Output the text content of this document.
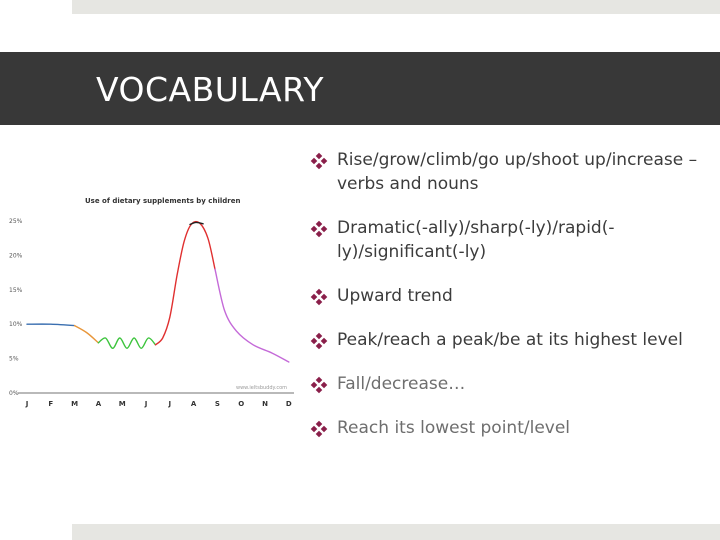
VOCABULARY
Use of dietary supplements by children
www.ieltsbuddy.com
0%
5%
10%
15%
20%
25%
J	F	M	A	M	J	J	A	S	O	N	D
Rise/grow/climb/go up/shoot up/increase – verbs and nouns
Dramatic(-ally)/sharp(-ly)/rapid(-ly)/significant(-ly)
Upward trend
Peak/reach a peak/be at its highest level
Fall/decrease…
Reach its lowest point/level
